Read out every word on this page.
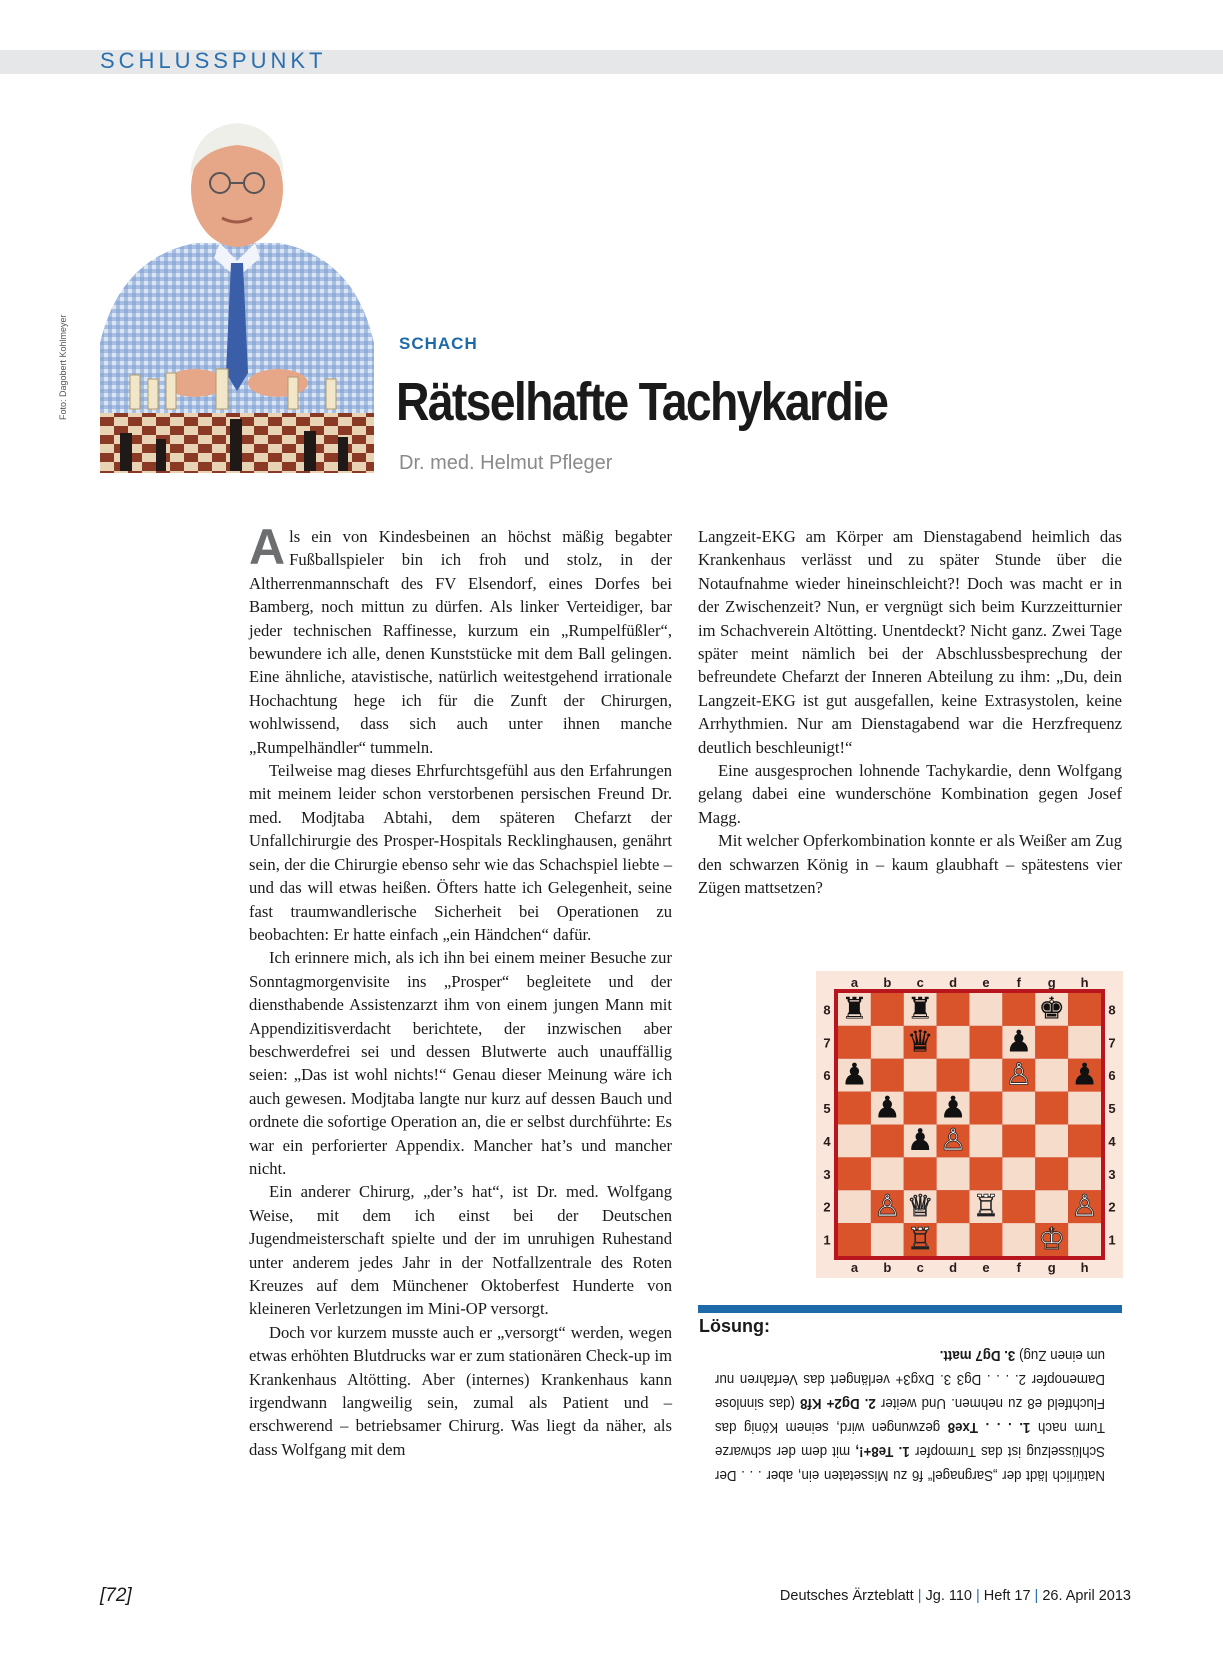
SCHLUSSPUNKT
Foto: Dagobert Kohlmeyer	SCHACH
Rätselhafte Tachykardie
Dr. med. Helmut Pfleger

Als ein von Kindesbeinen an höchst mäßig begabter Fußballspieler bin ich froh und stolz, in der Altherrenmannschaft des FV Elsendorf, eines Dorfes bei Bamberg, noch mittun zu dürfen. Als linker Verteidiger, bar jeder technischen Raffinesse, kurzum ein „Rumpelfüßler“, bewundere ich alle, denen Kunststücke mit dem Ball gelingen. Eine ähnliche, atavistische, natürlich weitestgehend irrationale Hochachtung hege ich für die Zunft der Chirurgen, wohlwissend, dass sich auch unter ihnen manche „Rumpelhändler“ tummeln.

Teilweise mag dieses Ehrfurchtsgefühl aus den Erfahrungen mit meinem leider schon verstorbenen persischen Freund Dr. med. Modjtaba Abtahi, dem späteren Chefarzt der Unfallchirurgie des Prosper-Hospitals Recklinghausen, genährt sein, der die Chirurgie ebenso sehr wie das Schachspiel liebte – und das will etwas heißen. Öfters hatte ich Gelegenheit, seine fast traumwandlerische Sicherheit bei Operationen zu beobachten: Er hatte einfach „ein Händchen“ dafür.

Ich erinnere mich, als ich ihn bei einem meiner Besuche zur Sonntagmorgenvisite ins „Prosper“ begleitete und der diensthabende Assistenzarzt ihm von einem jungen Mann mit Appendizitisverdacht berichtete, der inzwischen aber beschwerdefrei sei und dessen Blutwerte auch unauffällig seien: „Das ist wohl nichts!“ Genau dieser Meinung wäre ich auch gewesen. Modjtaba langte nur kurz auf dessen Bauch und ordnete die sofortige Operation an, die er selbst durchführte: Es war ein perforierter Appendix. Mancher hat’s und mancher nicht.

Ein anderer Chirurg, „der’s hat“, ist Dr. med. Wolfgang Weise, mit dem ich einst bei der Deutschen Jugendmeisterschaft spielte und der im unruhigen Ruhestand unter anderem jedes Jahr in der Notfallzentrale des Roten Kreuzes auf dem Münchener Oktoberfest Hunderte von kleineren Verletzungen im Mini-OP versorgt.

Doch vor kurzem musste auch er „versorgt“ werden, wegen etwas erhöhten Blutdrucks war er zum stationären Check-up im Krankenhaus Altötting. Aber (internes) Krankenhaus kann irgendwann langweilig sein, zumal als Patient und – erschwerend – betriebsamer Chirurg. Was liegt da näher, als dass Wolfgang mit dem

Langzeit-EKG am Körper am Dienstagabend heimlich das Krankenhaus verlässt und zu später Stunde über die Notaufnahme wieder hineinschleicht?! Doch was macht er in der Zwischenzeit? Nun, er vergnügt sich beim Kurzzeitturnier im Schachverein Altötting. Unentdeckt? Nicht ganz. Zwei Tage später meint nämlich bei der Abschlussbesprechung der befreundete Chefarzt der Inneren Abteilung zu ihm: „Du, dein Langzeit-EKG ist gut ausgefallen, keine Extrasystolen, keine Arrhythmien. Nur am Dienstagabend war die Herzfrequenz deutlich beschleunigt!“

Eine ausgesprochen lohnende Tachykardie, denn Wolfgang gelang dabei eine wunderschöne Kombination gegen Josef Magg.

Mit welcher Opferkombination konnte er als Weißer am Zug den schwarzen König in – kaum glaubhaft – spätestens vier Zügen mattsetzen?

a
a
b
b
c
c
d
d
e
e
f
f
g
g
h
h
8	8
7	7
6	6
5	5
4	4
3	3
2	2
1	1
♜ ♜	♚
♛ ♟
♟	♙ ♟
♟ ♟
♟ ♙
♙ ♕ ♖ ♙
♖	♔
Lösung:
Natürlich lädt der „Sargnagel“ f6 zu Missetaten ein, aber . . . Der Schlüsselzug ist das Turmopfer 1. Te8+!, mit dem der schwarze Turm nach 1. . . . Txe8 gezwungen wird, seinem König das Fluchtfeld e8 zu nehmen. Und weiter 2. Dg2+ Kf8 (das sinnlose Damenopfer 2. . . . Dg3 3. Dxg3+ verlängert das Verfahren nur um einen Zug) 3. Dg7 matt.
[72]	Deutsches Ärzteblatt | Jg. 110 | Heft 17 | 26. April 2013
